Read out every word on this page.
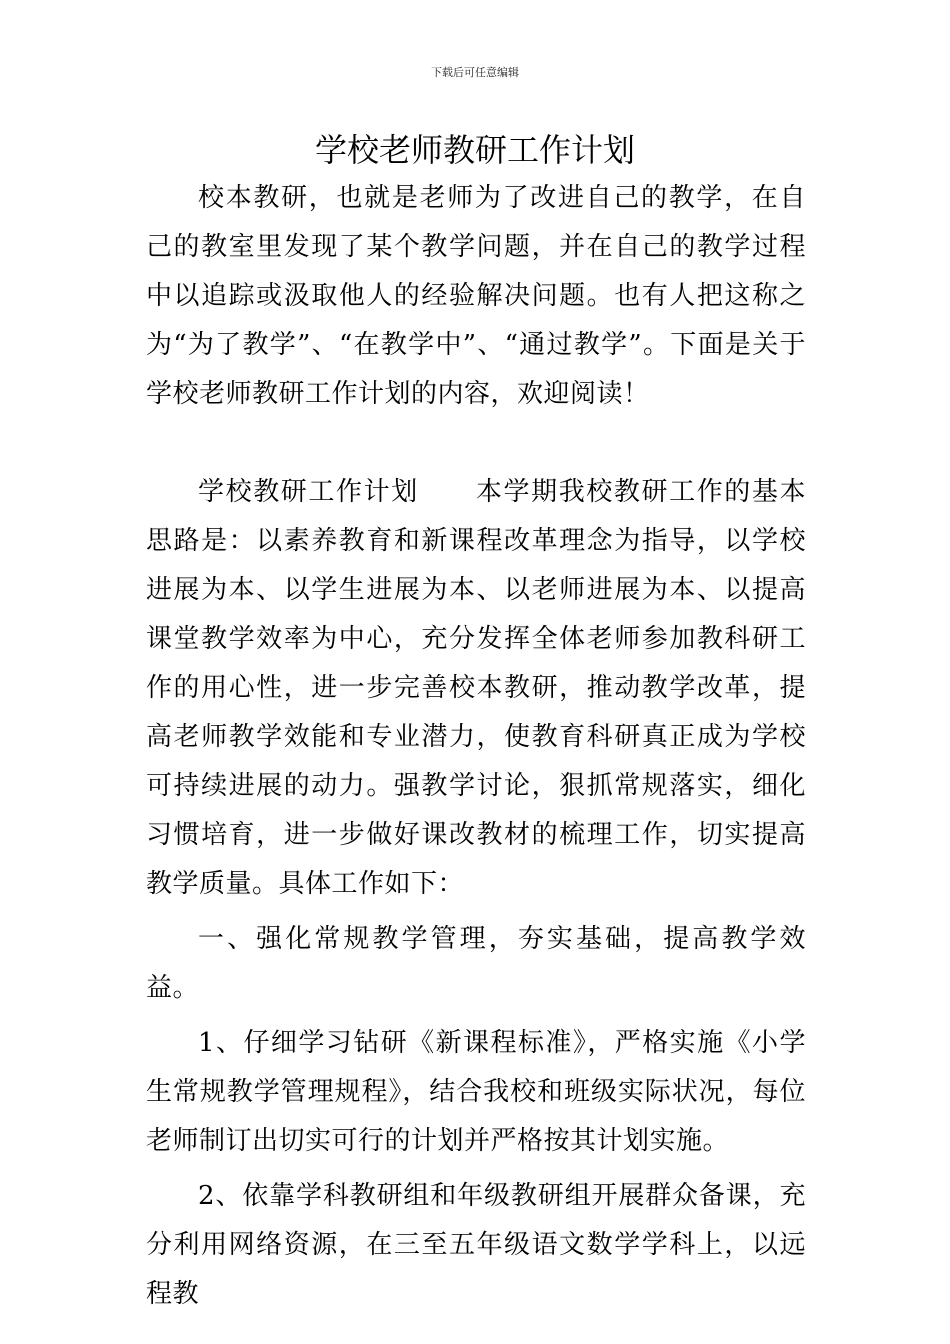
下载后可任意编辑
学校老师教研工作计划

校本教研，也就是老师为了改进自己的教学，在自己的教室里发现了某个教学问题，并在自己的教学过程中以追踪或汲取他人的经验解决问题。也有人把这称之为“为了教学”、“在教学中”、“通过教学”。下面是关于学校老师教研工作计划的内容，欢迎阅读！

学校教研工作计划 本学期我校教研工作的基本思路是：以素养教育和新课程改革理念为指导，以学校进展为本、以学生进展为本、以老师进展为本、以提高课堂教学效率为中心，充分发挥全体老师参加教科研工作的用心性，进一步完善校本教研，推动教学改革，提高老师教学效能和专业潜力，使教育科研真正成为学校可持续进展的动力。强教学讨论，狠抓常规落实，细化习惯培育，进一步做好课改教材的梳理工作，切实提高教学质量。具体工作如下：

一、强化常规教学管理，夯实基础，提高教学效益。

1、仔细学习钻研《新课程标准》，严格实施《小学生常规教学管理规程》，结合我校和班级实际状况，每位老师制订出切实可行的计划并严格按其计划实施。

2、依靠学科教研组和年级教研组开展群众备课，充分利用网络资源，在三至五年级语文数学学科上，以远程教
